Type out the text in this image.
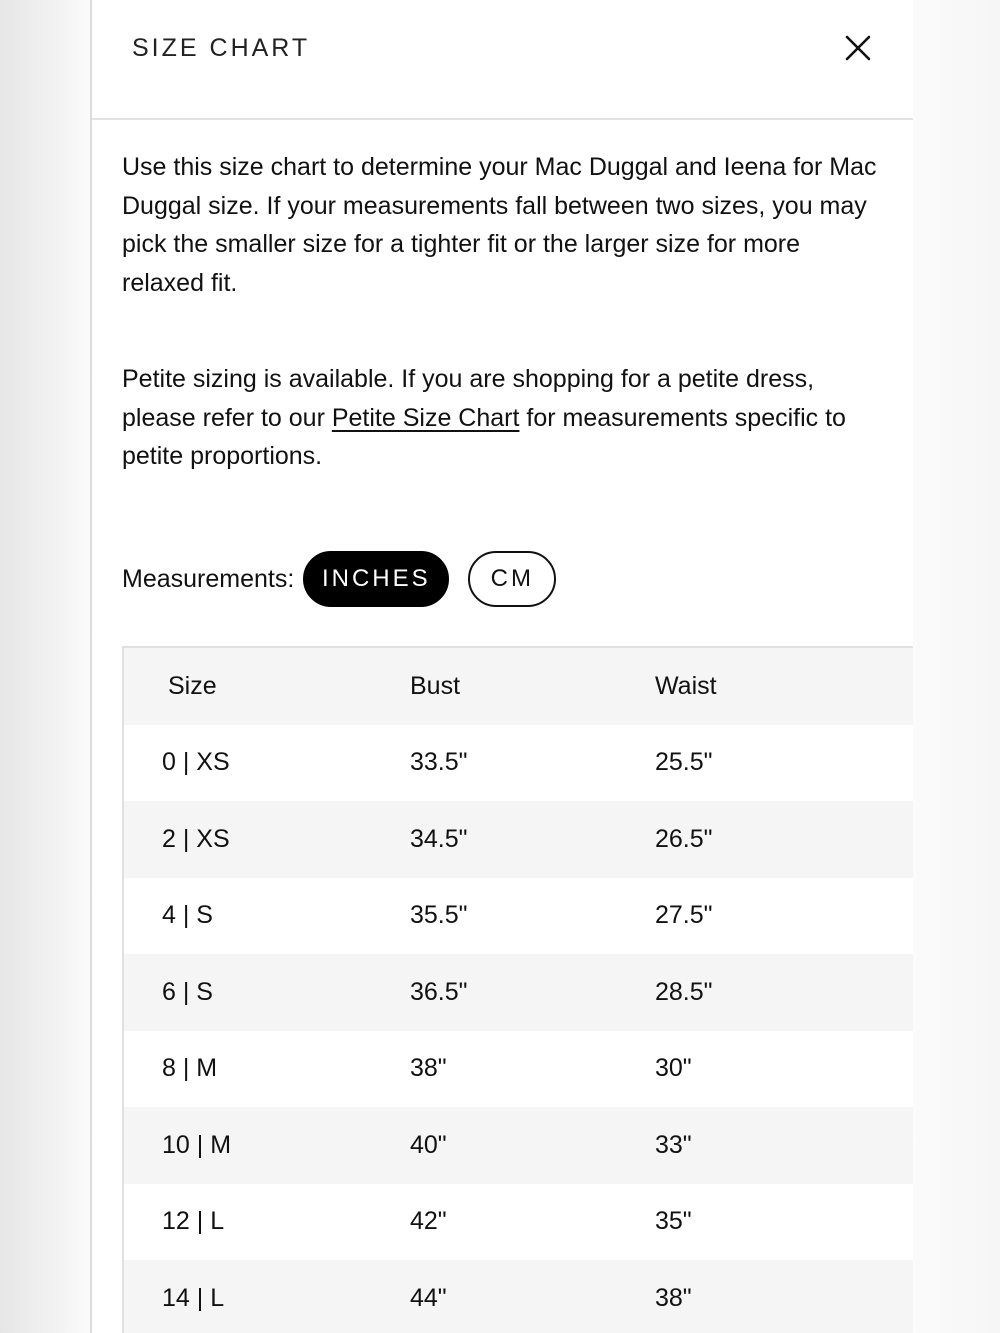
SIZE CHART

Use this size chart to determine your Mac Duggal and Ieena for Mac Duggal size. If your measurements fall between two sizes, you may pick the smaller size for a tighter fit or the larger size for more relaxed fit.

Petite sizing is available. If you are shopping for a petite dress, please refer to our Petite Size Chart for measurements specific to petite proportions.

Measurements:	INCHES	CM
Size	Bust	Waist
0 | XS	33.5"	25.5"
2 | XS	34.5"	26.5"
4 | S	35.5"	27.5"
6 | S	36.5"	28.5"
8 | M	38"	30"
10 | M	40"	33"
12 | L	42"	35"
14 | L	44"	38"
